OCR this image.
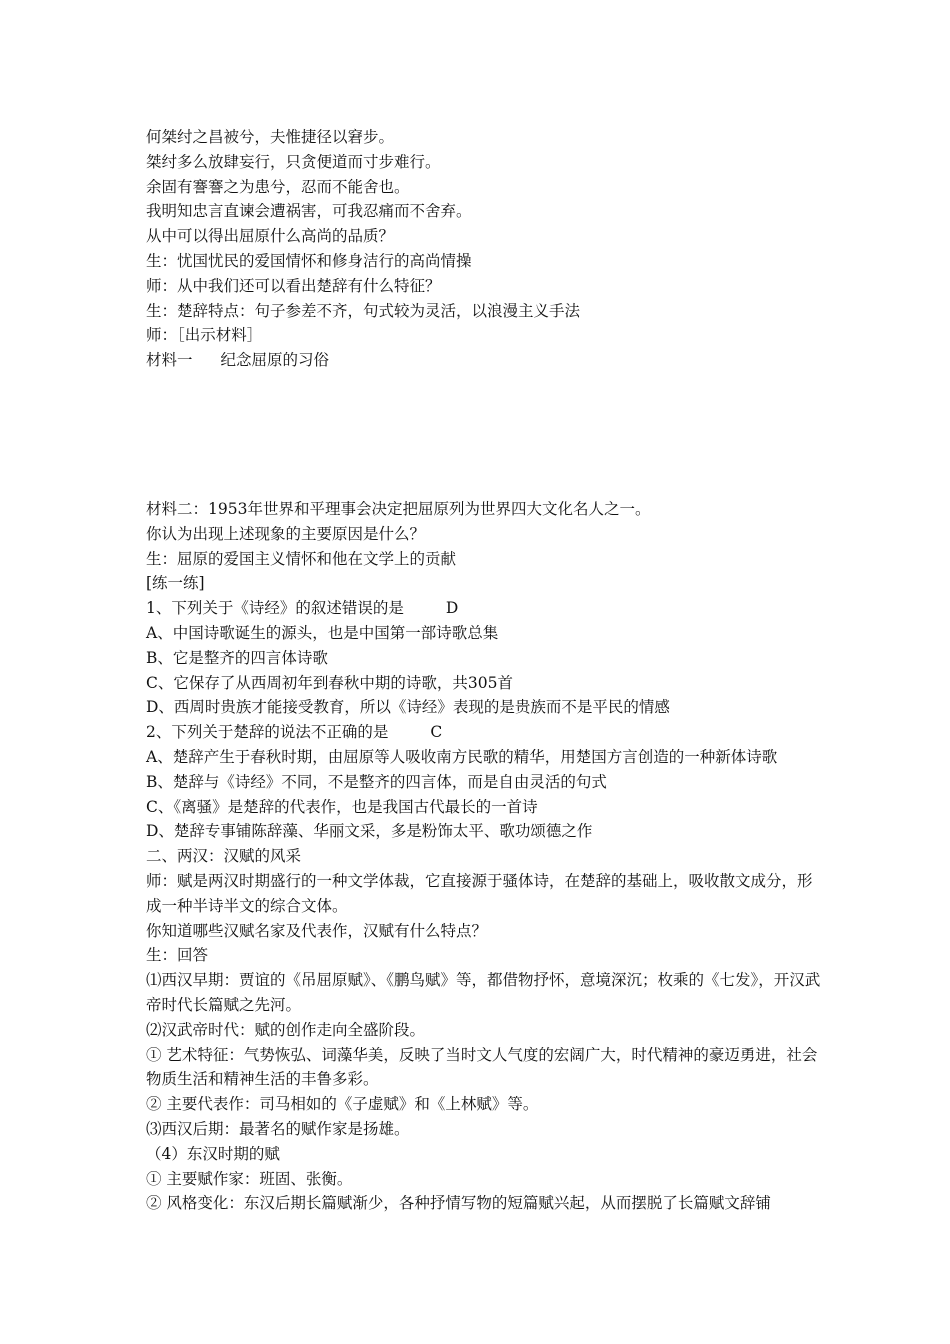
何桀纣之昌被兮，夫惟捷径以窘步。
桀纣多么放肆妄行，只贪便道而寸步难行。
余固有謇謇之为患兮，忍而不能舍也。
我明知忠言直谏会遭祸害，可我忍痛而不舍弃。
从中可以得出屈原什么高尚的品质？
生：忧国忧民的爱国情怀和修身洁行的高尚情操
师：从中我们还可以看出楚辞有什么特征？
生：楚辞特点：句子参差不齐，句式较为灵活，以浪漫主义手法
师：［出示材料］
材料一 纪念屈原的习俗
材料二：1953年世界和平理事会决定把屈原列为世界四大文化名人之一。
你认为出现上述现象的主要原因是什么？
生：屈原的爱国主义情怀和他在文学上的贡献
[练一练]
1、下列关于《诗经》的叙述错误的是	D
A、中国诗歌诞生的源头，也是中国第一部诗歌总集
B、它是整齐的四言体诗歌
C、它保存了从西周初年到春秋中期的诗歌，共305首
D、西周时贵族才能接受教育，所以《诗经》表现的是贵族而不是平民的情感
2、下列关于楚辞的说法不正确的是	C
A、楚辞产生于春秋时期，由屈原等人吸收南方民歌的精华，用楚国方言创造的一种新体诗歌
B、楚辞与《诗经》不同，不是整齐的四言体，而是自由灵活的句式
C、《离骚》是楚辞的代表作，也是我国古代最长的一首诗
D、楚辞专事铺陈辞藻、华丽文采，多是粉饰太平、歌功颂德之作
二、两汉：汉赋的风采
师：赋是两汉时期盛行的一种文学体裁，它直接源于骚体诗，在楚辞的基础上，吸收散文成分，形成一种半诗半文的综合文体。
你知道哪些汉赋名家及代表作，汉赋有什么特点？
生：回答
⑴西汉早期：贾谊的《吊屈原赋》、《鹏鸟赋》等，都借物抒怀，意境深沉；枚乘的《七发》，开汉武帝时代长篇赋之先河。
⑵汉武帝时代：赋的创作走向全盛阶段。
① 艺术特征：气势恢弘、词藻华美，反映了当时文人气度的宏阔广大，时代精神的豪迈勇进，社会物质生活和精神生活的丰鲁多彩。
② 主要代表作：司马相如的《子虚赋》和《上林赋》等。
⑶西汉后期：最著名的赋作家是扬雄。
（4）东汉时期的赋
① 主要赋作家：班固、张衡。
② 风格变化：东汉后期长篇赋渐少，各种抒情写物的短篇赋兴起，从而摆脱了长篇赋文辞铺
